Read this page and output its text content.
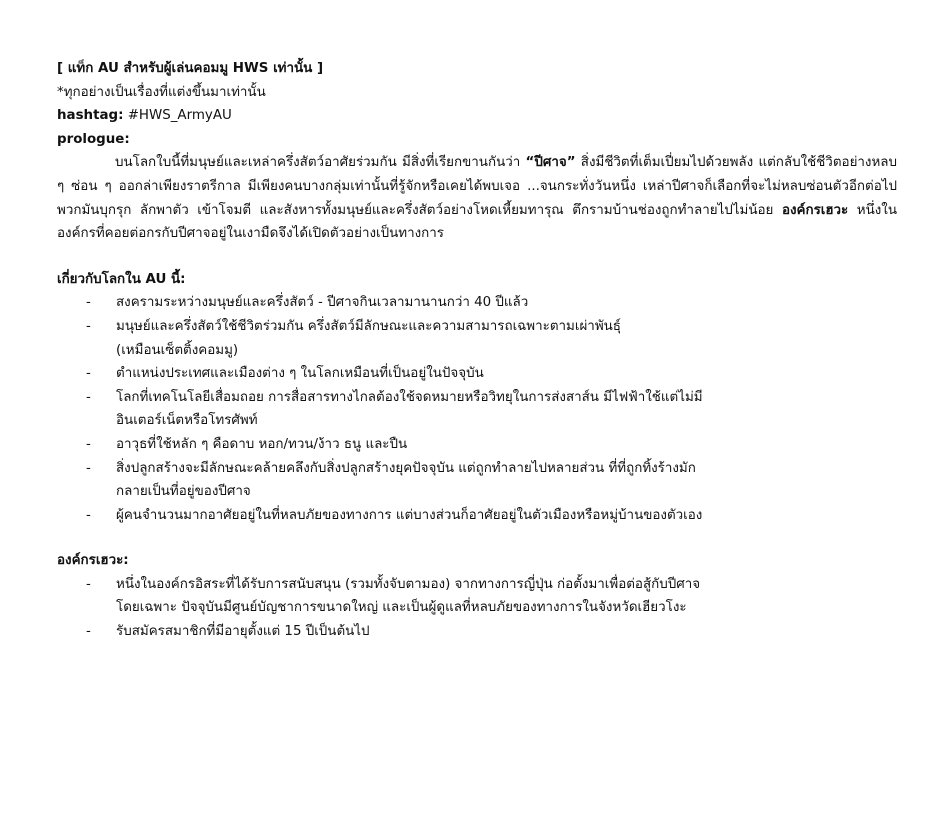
[ แท็ก AU สำหรับผู้เล่นคอมมู HWS เท่านั้น ]

*ทุกอย่างเป็นเรื่องที่แต่งขึ้นมาเท่านั้น

hashtag: #HWS_ArmyAU

prologue:

บนโลกใบนี้ที่มนุษย์และเหล่าครึ่งสัตว์อาศัยร่วมกัน มีสิ่งที่เรียกขานกันว่า “ปีศาจ” สิ่งมีชีวิตที่เต็มเปี่ยมไปด้วยพลัง แต่กลับใช้ชีวิตอย่างหลบ ๆ ซ่อน ๆ ออกล่าเพียงราตรีกาล มีเพียงคนบางกลุ่มเท่านั้นที่รู้จักหรือเคยได้พบเจอ ...จนกระทั่งวันหนึ่ง เหล่าปีศาจก็เลือกที่จะไม่หลบซ่อนตัวอีกต่อไป พวกมันบุกรุก ลักพาตัว เข้าโจมตี และสังหารทั้งมนุษย์และครึ่งสัตว์อย่างโหดเหี้ยมทารุณ ตึกรามบ้านช่องถูกทำลายไปไม่น้อย องค์กรเฮวะ หนึ่งในองค์กรที่คอยต่อกรกับปีศาจอยู่ในเงามืดจึงได้เปิดตัวอย่างเป็นทางการ

เกี่ยวกับโลกใน AU นี้:

- สงครามระหว่างมนุษย์และครึ่งสัตว์ - ปีศาจกินเวลามานานกว่า 40 ปีแล้ว
- มนุษย์และครึ่งสัตว์ใช้ชีวิตร่วมกัน ครึ่งสัตว์มีลักษณะและความสามารถเฉพาะตามเผ่าพันธุ์
(เหมือนเซ็ตติ้งคอมมู)
- ตำแหน่งประเทศและเมืองต่าง ๆ ในโลกเหมือนที่เป็นอยู่ในปัจจุบัน
- โลกที่เทคโนโลยีเสื่อมถอย การสื่อสารทางไกลต้องใช้จดหมายหรือวิทยุในการส่งสาส์น มีไฟฟ้าใช้แต่ไม่มี
อินเตอร์เน็ตหรือโทรศัพท์
- อาวุธที่ใช้หลัก ๆ คือดาบ หอก/ทวน/ง้าว ธนู และปืน
- สิ่งปลูกสร้างจะมีลักษณะคล้ายคลึงกับสิ่งปลูกสร้างยุคปัจจุบัน แต่ถูกทำลายไปหลายส่วน ที่ที่ถูกทิ้งร้างมัก
กลายเป็นที่อยู่ของปีศาจ
- ผู้คนจำนวนมากอาศัยอยู่ในที่หลบภัยของทางการ แต่บางส่วนก็อาศัยอยู่ในตัวเมืองหรือหมู่บ้านของตัวเอง

องค์กรเฮวะ:

- หนึ่งในองค์กรอิสระที่ได้รับการสนับสนุน (รวมทั้งจับตามอง) จากทางการญี่ปุ่น ก่อตั้งมาเพื่อต่อสู้กับปีศาจ
โดยเฉพาะ ปัจจุบันมีศูนย์บัญชาการขนาดใหญ่ และเป็นผู้ดูแลที่หลบภัยของทางการในจังหวัดเฮียวโงะ
- รับสมัครสมาชิกที่มีอายุตั้งแต่ 15 ปีเป็นต้นไป
